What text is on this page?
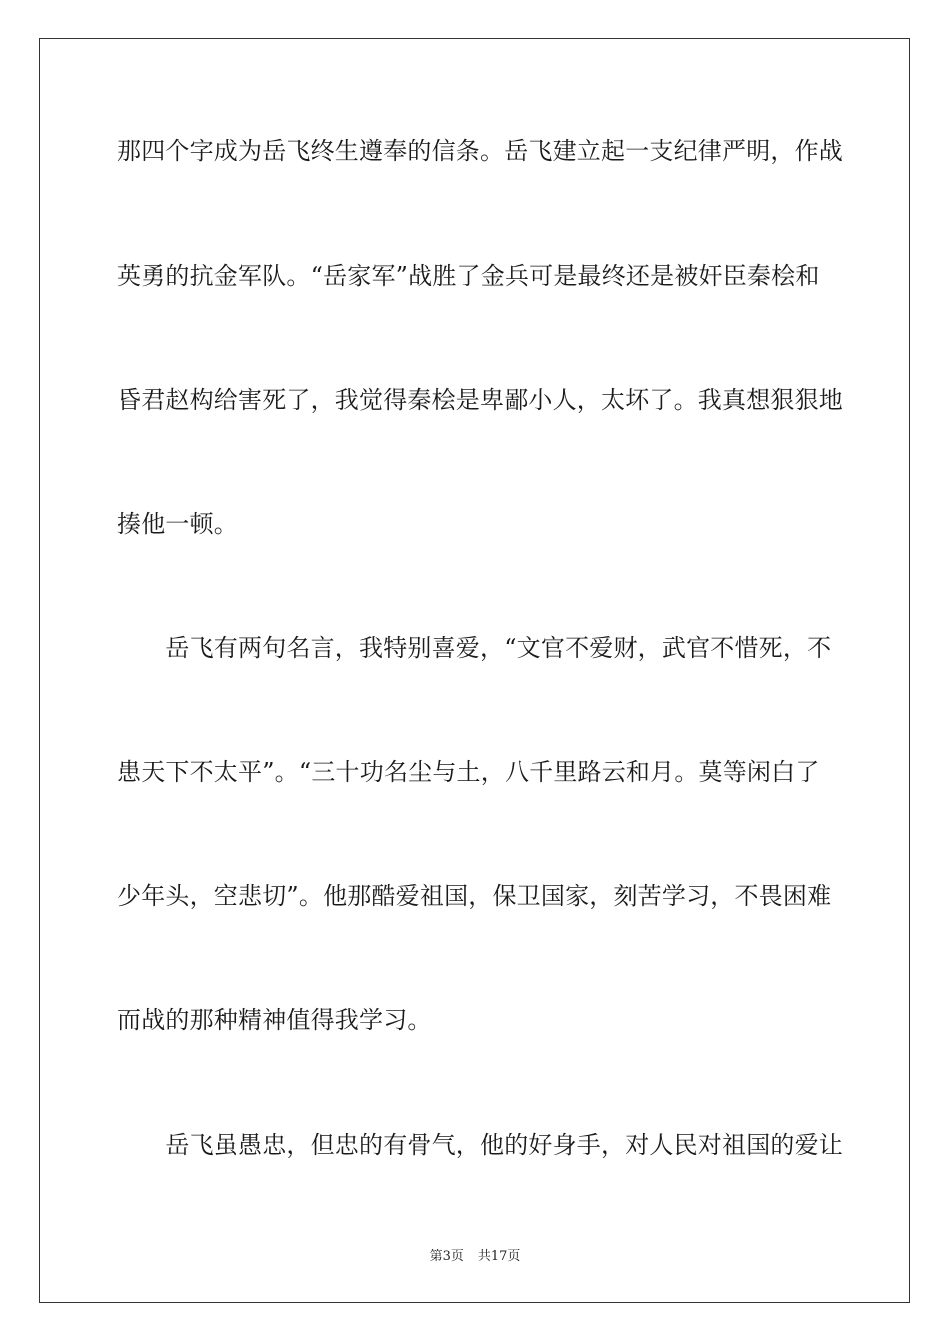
那四个字成为岳飞终生遵奉的信条。岳飞建立起一支纪律严明，作战
英勇的抗金军队。“岳家军”战胜了金兵可是最终还是被奸臣秦桧和
昏君赵构给害死了，我觉得秦桧是卑鄙小人，太坏了。我真想狠狠地
揍他一顿。
　　岳飞有两句名言，我特别喜爱，“文官不爱财，武官不惜死，不
患天下不太平”。“三十功名尘与土，八千里路云和月。莫等闲白了
少年头，空悲切”。他那酷爱祖国，保卫国家，刻苦学习，不畏困难
而战的那种精神值得我学习。
　　岳飞虽愚忠，但忠的有骨气，他的好身手，对人民对祖国的爱让
第3页 共17页
